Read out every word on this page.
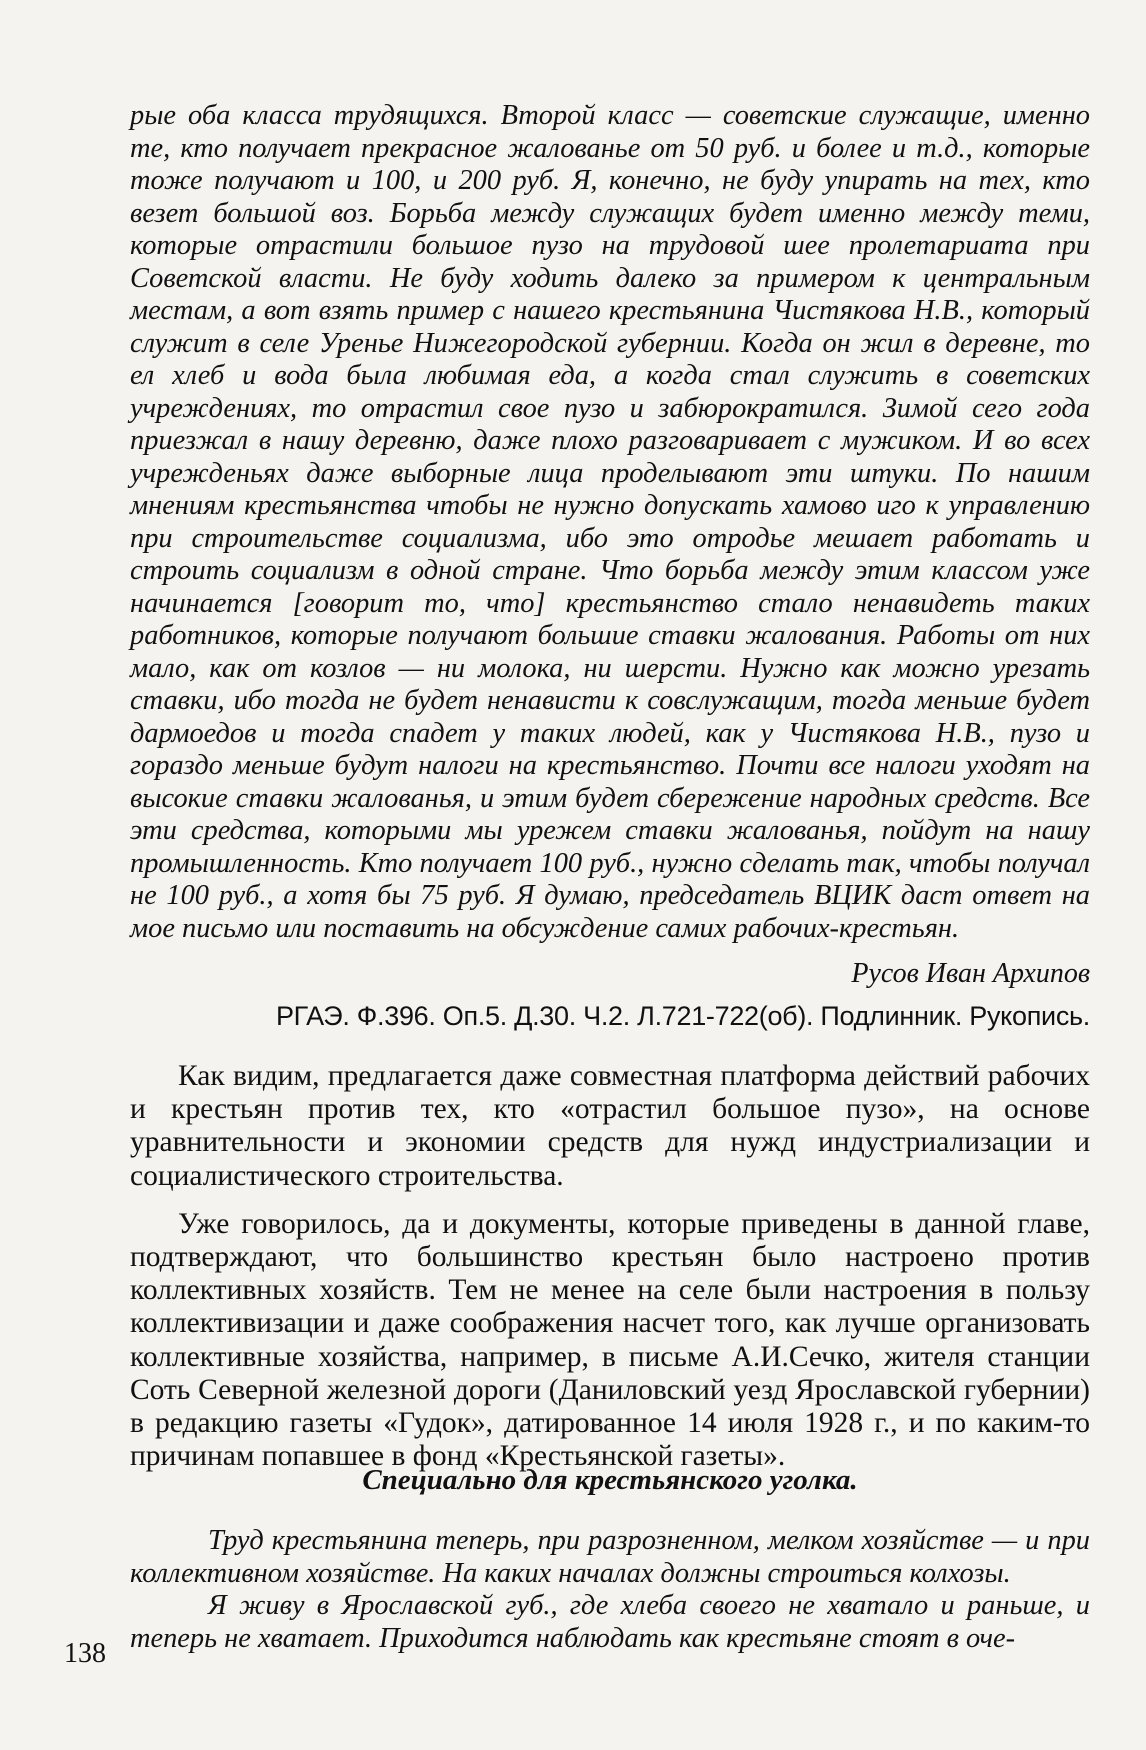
рые оба класса трудящихся. Второй класс — советские служащие, именно те, кто получает прекрасное жалованье от 50 руб. и более и т.д., которые тоже получают и 100, и 200 руб. Я, конечно, не буду упирать на тех, кто везет большой воз. Борьба между служащих будет именно между теми, которые отрастили большое пузо на трудовой шее пролетариата при Советской власти. Не буду ходить далеко за примером к центральным местам, а вот взять пример с нашего крестьянина Чистякова Н.В., который служит в селе Уренье Нижегородской губернии. Когда он жил в деревне, то ел хлеб и вода была любимая еда, а когда стал служить в советских учреждениях, то отрастил свое пузо и забюрократился. Зимой сего года приезжал в нашу деревню, даже плохо разговаривает с мужиком. И во всех учрежденьях даже выборные лица проделывают эти штуки. По нашим мнениям крестьянства чтобы не нужно допускать хамово иго к управлению при строительстве социализма, ибо это отродье мешает работать и строить социализм в одной стране. Что борьба между этим классом уже начинается [говорит то, что] крестьянство стало ненавидеть таких работников, которые получают большие ставки жалования. Работы от них мало, как от козлов — ни молока, ни шерсти. Нужно как можно урезать ставки, ибо тогда не будет ненависти к совслужащим, тогда меньше будет дармоедов и тогда спадет у таких людей, как у Чистякова Н.В., пузо и гораздо меньше будут налоги на крестьянство. Почти все налоги уходят на высокие ставки жалованья, и этим будет сбережение народных средств. Все эти средства, которыми мы урежем ставки жалованья, пойдут на нашу промышленность. Кто получает 100 руб., нужно сделать так, чтобы получал не 100 руб., а хотя бы 75 руб. Я думаю, председатель ВЦИК даст ответ на мое письмо или поставить на обсуждение самих рабочих-крестьян.

Русов Иван Архипов

РГАЭ. Ф.396. Оп.5. Д.30. Ч.2. Л.721-722(об). Подлинник. Рукопись.

Как видим, предлагается даже совместная платформа действий рабочих и крестьян против тех, кто «отрастил большое пузо», на основе уравнительности и экономии средств для нужд индустриализации и социалистического строительства.

Уже говорилось, да и документы, которые приведены в данной главе, подтверждают, что большинство крестьян было настроено против коллективных хозяйств. Тем не менее на селе были настроения в пользу коллективизации и даже соображения насчет того, как лучше организовать коллективные хозяйства, например, в письме А.И.Сечко, жителя станции Соть Северной железной дороги (Даниловский уезд Ярославской губернии) в редакцию газеты «Гудок», датированное 14 июля 1928 г., и по каким-то причинам попавшее в фонд «Крестьянской газеты».

Специально для крестьянского уголка.

Труд крестьянина теперь, при разрозненном, мелком хозяйстве — и при коллективном хозяйстве. На каких началах должны строиться колхозы.

Я живу в Ярославской губ., где хлеба своего не хватало и раньше, и теперь не хватает. Приходится наблюдать как крестьяне стоят в оче-

138
